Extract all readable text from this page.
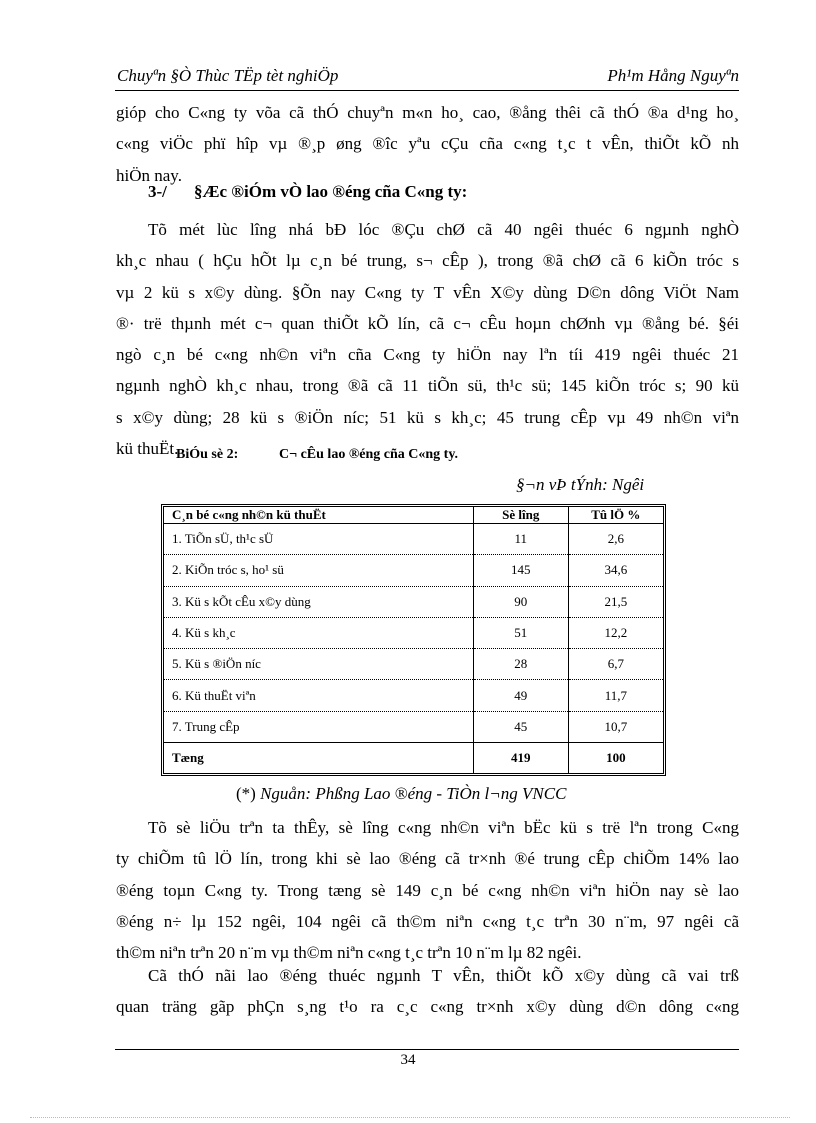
Chuyªn §Ò Thùc TËp tèt nghiÖp	Ph¹m Hång Nguyªn

gióp cho C«ng ty võa cã thÓ chuyªn m«n ho¸ cao, ®ång thêi cã thÓ ®a d¹ng ho¸
c«ng viÖc phï hîp vµ ®¸p øng ®îc yªu cÇu cña c«ng t¸c t vÊn, thiÕt kÕ nh
hiÖn nay.

3-/ §Æc ®iÓm vÒ lao ®éng cña C«ng ty:

Tõ mét lùc lîng nhá bÐ lóc ®Çu chØ cã 40 ngêi thuéc 6 ngµnh nghÒ
kh¸c nhau ( hÇu hÕt lµ c¸n bé trung, s¬ cÊp ), trong ®ã chØ cã 6 kiÕn tróc s
vµ 2 kü s x©y dùng. §Õn nay C«ng ty T vÊn X©y dùng D©n dông ViÖt Nam
®· trë thµnh mét c¬ quan thiÕt kÕ lín, cã c¬ cÊu hoµn chØnh vµ ®ång bé. §éi
ngò c¸n bé c«ng nh©n viªn cña C«ng ty hiÖn nay lªn tíi 419 ngêi thuéc 21
ngµnh nghÒ kh¸c nhau, trong ®ã cã 11 tiÕn sü, th¹c sü; 145 kiÕn tróc s; 90 kü
s x©y dùng; 28 kü s ®iÖn níc; 51 kü s kh¸c; 45 trung cÊp vµ 49 nh©n viªn
kü thuËt.

BiÓu sè 2:	C¬ cÊu lao ®éng cña C«ng ty.
§¬n vÞ tÝnh: Ngêi
C¸n bé c«ng nh©n kü thuËt	Sè lîng	Tû lÖ %
1. TiÕn sÜ, th¹c sÜ	11	2,6
2. KiÕn tróc s, ho¹ sü	145	34,6
3. Kü s kÕt cÊu x©y dùng	90	21,5
4. Kü s kh¸c	51	12,2
5. Kü s ®iÖn níc	28	6,7
6. Kü thuËt viªn	49	11,7
7. Trung cÊp	45	10,7
Tæng	419	100
(*) Nguån: Phßng Lao ®éng - TiÒn l¬ng VNCC

Tõ sè liÖu trªn ta thÊy, sè lîng c«ng nh©n viªn bËc kü s trë lªn trong C«ng
ty chiÕm tû lÖ lín, trong khi sè lao ®éng cã tr×nh ®é trung cÊp chiÕm 14% lao
®éng toµn C«ng ty. Trong tæng sè 149 c¸n bé c«ng nh©n viªn hiÖn nay sè lao
®éng n÷ lµ 152 ngêi, 104 ngêi cã th©m niªn c«ng t¸c trªn 30 n¨m, 97 ngêi cã
th©m niªn trªn 20 n¨m vµ th©m niªn c«ng t¸c trªn 10 n¨m lµ 82 ngêi.

Cã thÓ nãi lao ®éng thuéc ngµnh T vÊn, thiÕt kÕ x©y dùng cã vai trß
quan träng gãp phÇn s¸ng t¹o ra c¸c c«ng tr×nh x©y dùng d©n dông c«ng

34
